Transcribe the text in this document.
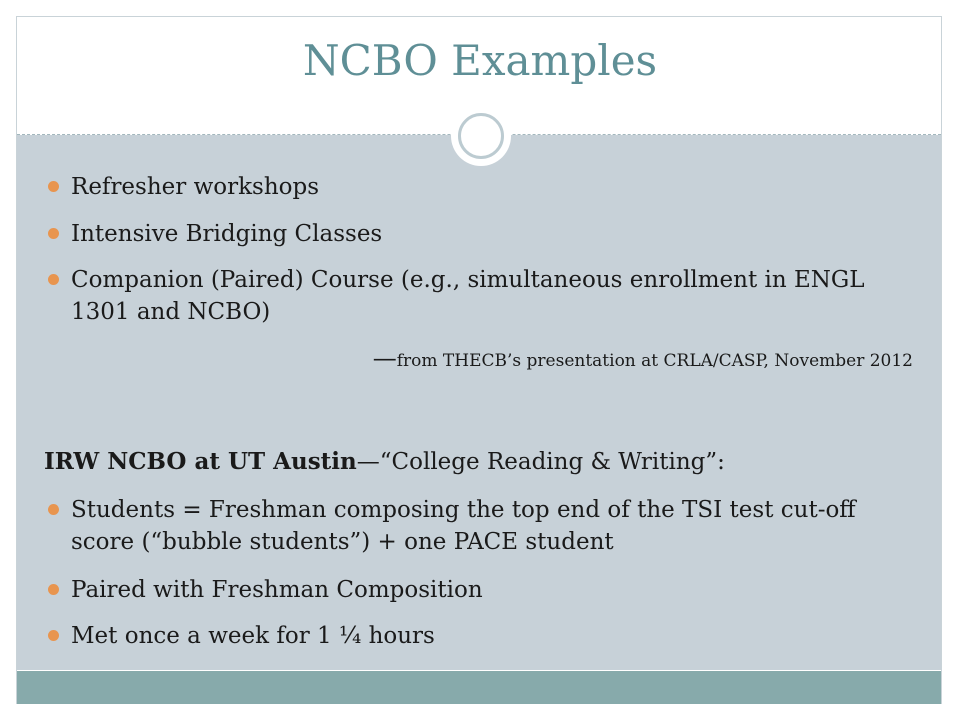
NCBO Examples
Refresher workshops
Intensive Bridging Classes
Companion (Paired) Course (e.g., simultaneous enrollment in ENGL 1301 and NCBO)
—from THECB’s presentation at CRLA/CASP, November 2012
IRW NCBO at UT Austin—“College Reading & Writing”:
Students = Freshman composing the top end of the TSI test cut-off score (“bubble students”) + one PACE student
Paired with Freshman Composition
Met once a week for 1 ¼ hours
